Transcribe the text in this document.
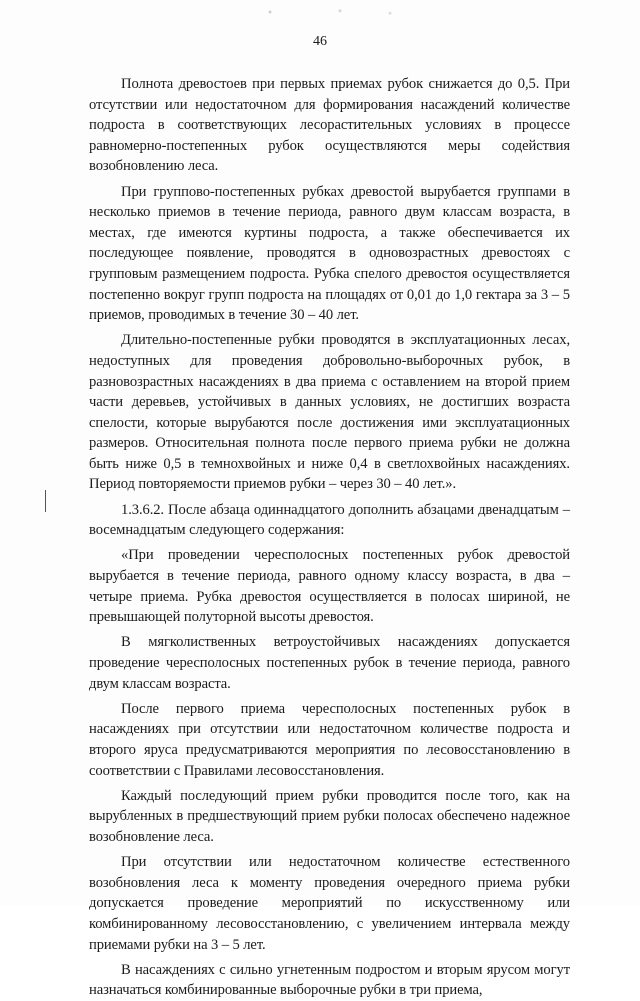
46

Полнота древостоев при первых приемах рубок снижается до 0,5. При отсутствии или недостаточном для формирования насаждений количестве подроста в соответствующих лесорастительных условиях в процессе равномерно-постепенных рубок осуществляются меры содействия возобновлению леса.

При группово-постепенных рубках древостой вырубается группами в несколько приемов в течение периода, равного двум классам возраста, в местах, где имеются куртины подроста, а также обеспечивается их последующее появление, проводятся в одновозрастных древостоях с групповым размещением подроста. Рубка спелого древостоя осуществляется постепенно вокруг групп подроста на площадях от 0,01 до 1,0 гектара за 3 – 5 приемов, проводимых в течение 30 – 40 лет.

Длительно-постепенные рубки проводятся в эксплуатационных лесах, недоступных для проведения добровольно-выборочных рубок, в разновозрастных насаждениях в два приема с оставлением на второй прием части деревьев, устойчивых в данных условиях, не достигших возраста спелости, которые вырубаются после достижения ими эксплуатационных размеров. Относительная полнота после первого приема рубки не должна быть ниже 0,5 в темнохвойных и ниже 0,4 в светлохвойных насаждениях. Период повторяемости приемов рубки – через 30 – 40 лет.».

1.3.6.2. После абзаца одиннадцатого дополнить абзацами двенадцатым – восемнадцатым следующего содержания:

«При проведении чересполосных постепенных рубок древостой вырубается в течение периода, равного одному классу возраста, в два – четыре приема. Рубка древостоя осуществляется в полосах шириной, не превышающей полуторной высоты древостоя.

В мягколиственных ветроустойчивых насаждениях допускается проведение чересполосных постепенных рубок в течение периода, равного двум классам возраста.

После первого приема чересполосных постепенных рубок в насаждениях при отсутствии или недостаточном количестве подроста и второго яруса предусматриваются мероприятия по лесовосстановлению в соответствии с Правилами лесовосстановления.

Каждый последующий прием рубки проводится после того, как на вырубленных в предшествующий прием рубки полосах обеспечено надежное возобновление леса.

При отсутствии или недостаточном количестве естественного возобновления леса к моменту проведения очередного приема рубки допускается проведение мероприятий по искусственному или комбинированному лесовосстановлению, с увеличением интервала между приемами рубки на 3 – 5 лет.

В насаждениях с сильно угнетенным подростом и вторым ярусом могут назначаться комбинированные выборочные рубки в три приема,
